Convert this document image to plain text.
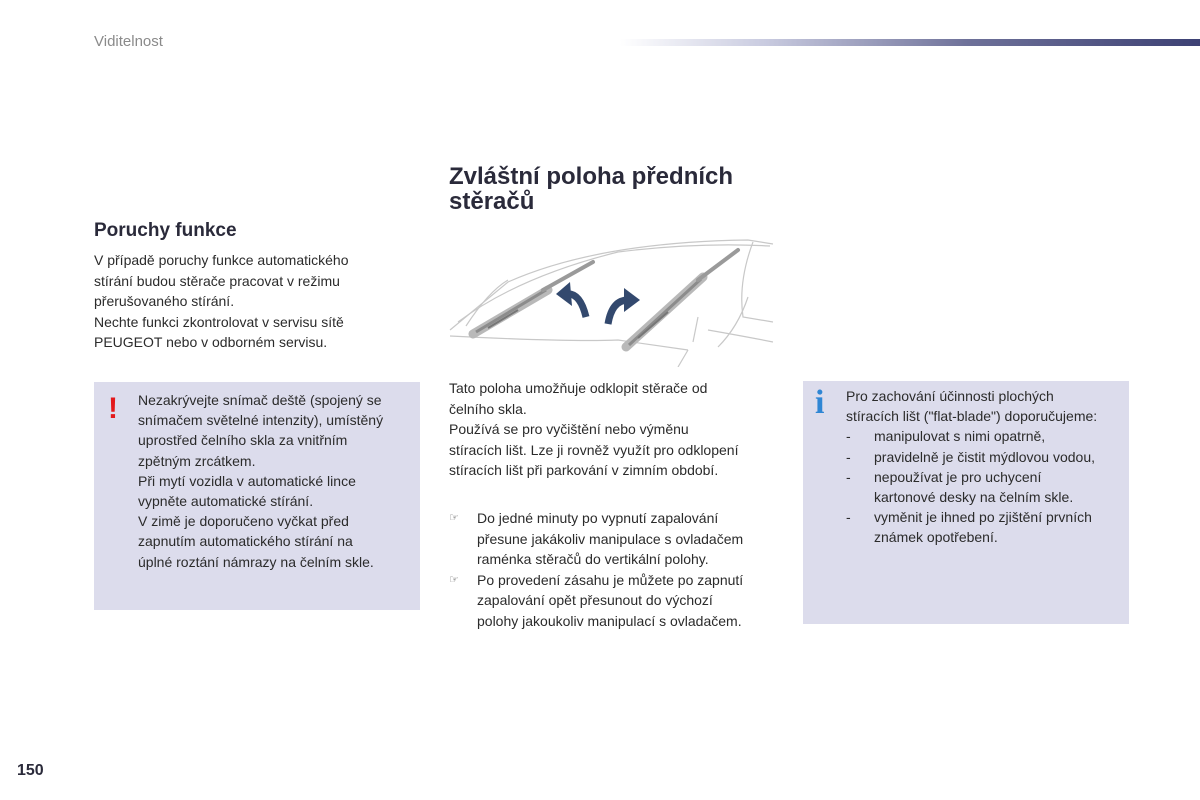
Viditelnost
Poruchy funkce

V případě poruchy funkce automatického

stírání budou stěrače pracovat v režimu

přerušovaného stírání.

Nechte funkci zkontrolovat v servisu sítě

PEUGEOT nebo v odborném servisu.

! Nezakrývejte snímač deště (spojený se

snímačem světelné intenzity), umístěný

uprostřed čelního skla za vnitřním

zpětným zrcátkem.

Při mytí vozidla v automatické lince

vypněte automatické stírání.

V zimě je doporučeno vyčkat před

zapnutím automatického stírání na

úplné roztání námrazy na čelním skle.

Zvláštní poloha předních
stěračů

Tato poloha umožňuje odklopit stěrače od

čelního skla.

Používá se pro vyčištění nebo výměnu

stíracích lišt. Lze ji rovněž využít pro odklopení

stíracích lišt při parkování v zimním období.

☞ Do jedné minuty po vypnutí zapalování
přesune jakákoliv manipulace s ovladačem
raménka stěračů do vertikální polohy.
☞ Po provedení zásahu je můžete po zapnutí
zapalování opět přesunout do výchozí
polohy jakoukoliv manipulací s ovladačem.
i Pro zachování účinnosti plochých

stíracích lišt ("flat-blade") doporučujeme:

- manipulovat s nimi opatrně,
- pravidelně je čistit mýdlovou vodou,
- nepoužívat je pro uchycení
kartonové desky na čelním skle.
- vyměnit je ihned po zjištění prvních
známek opotřebení.
150
